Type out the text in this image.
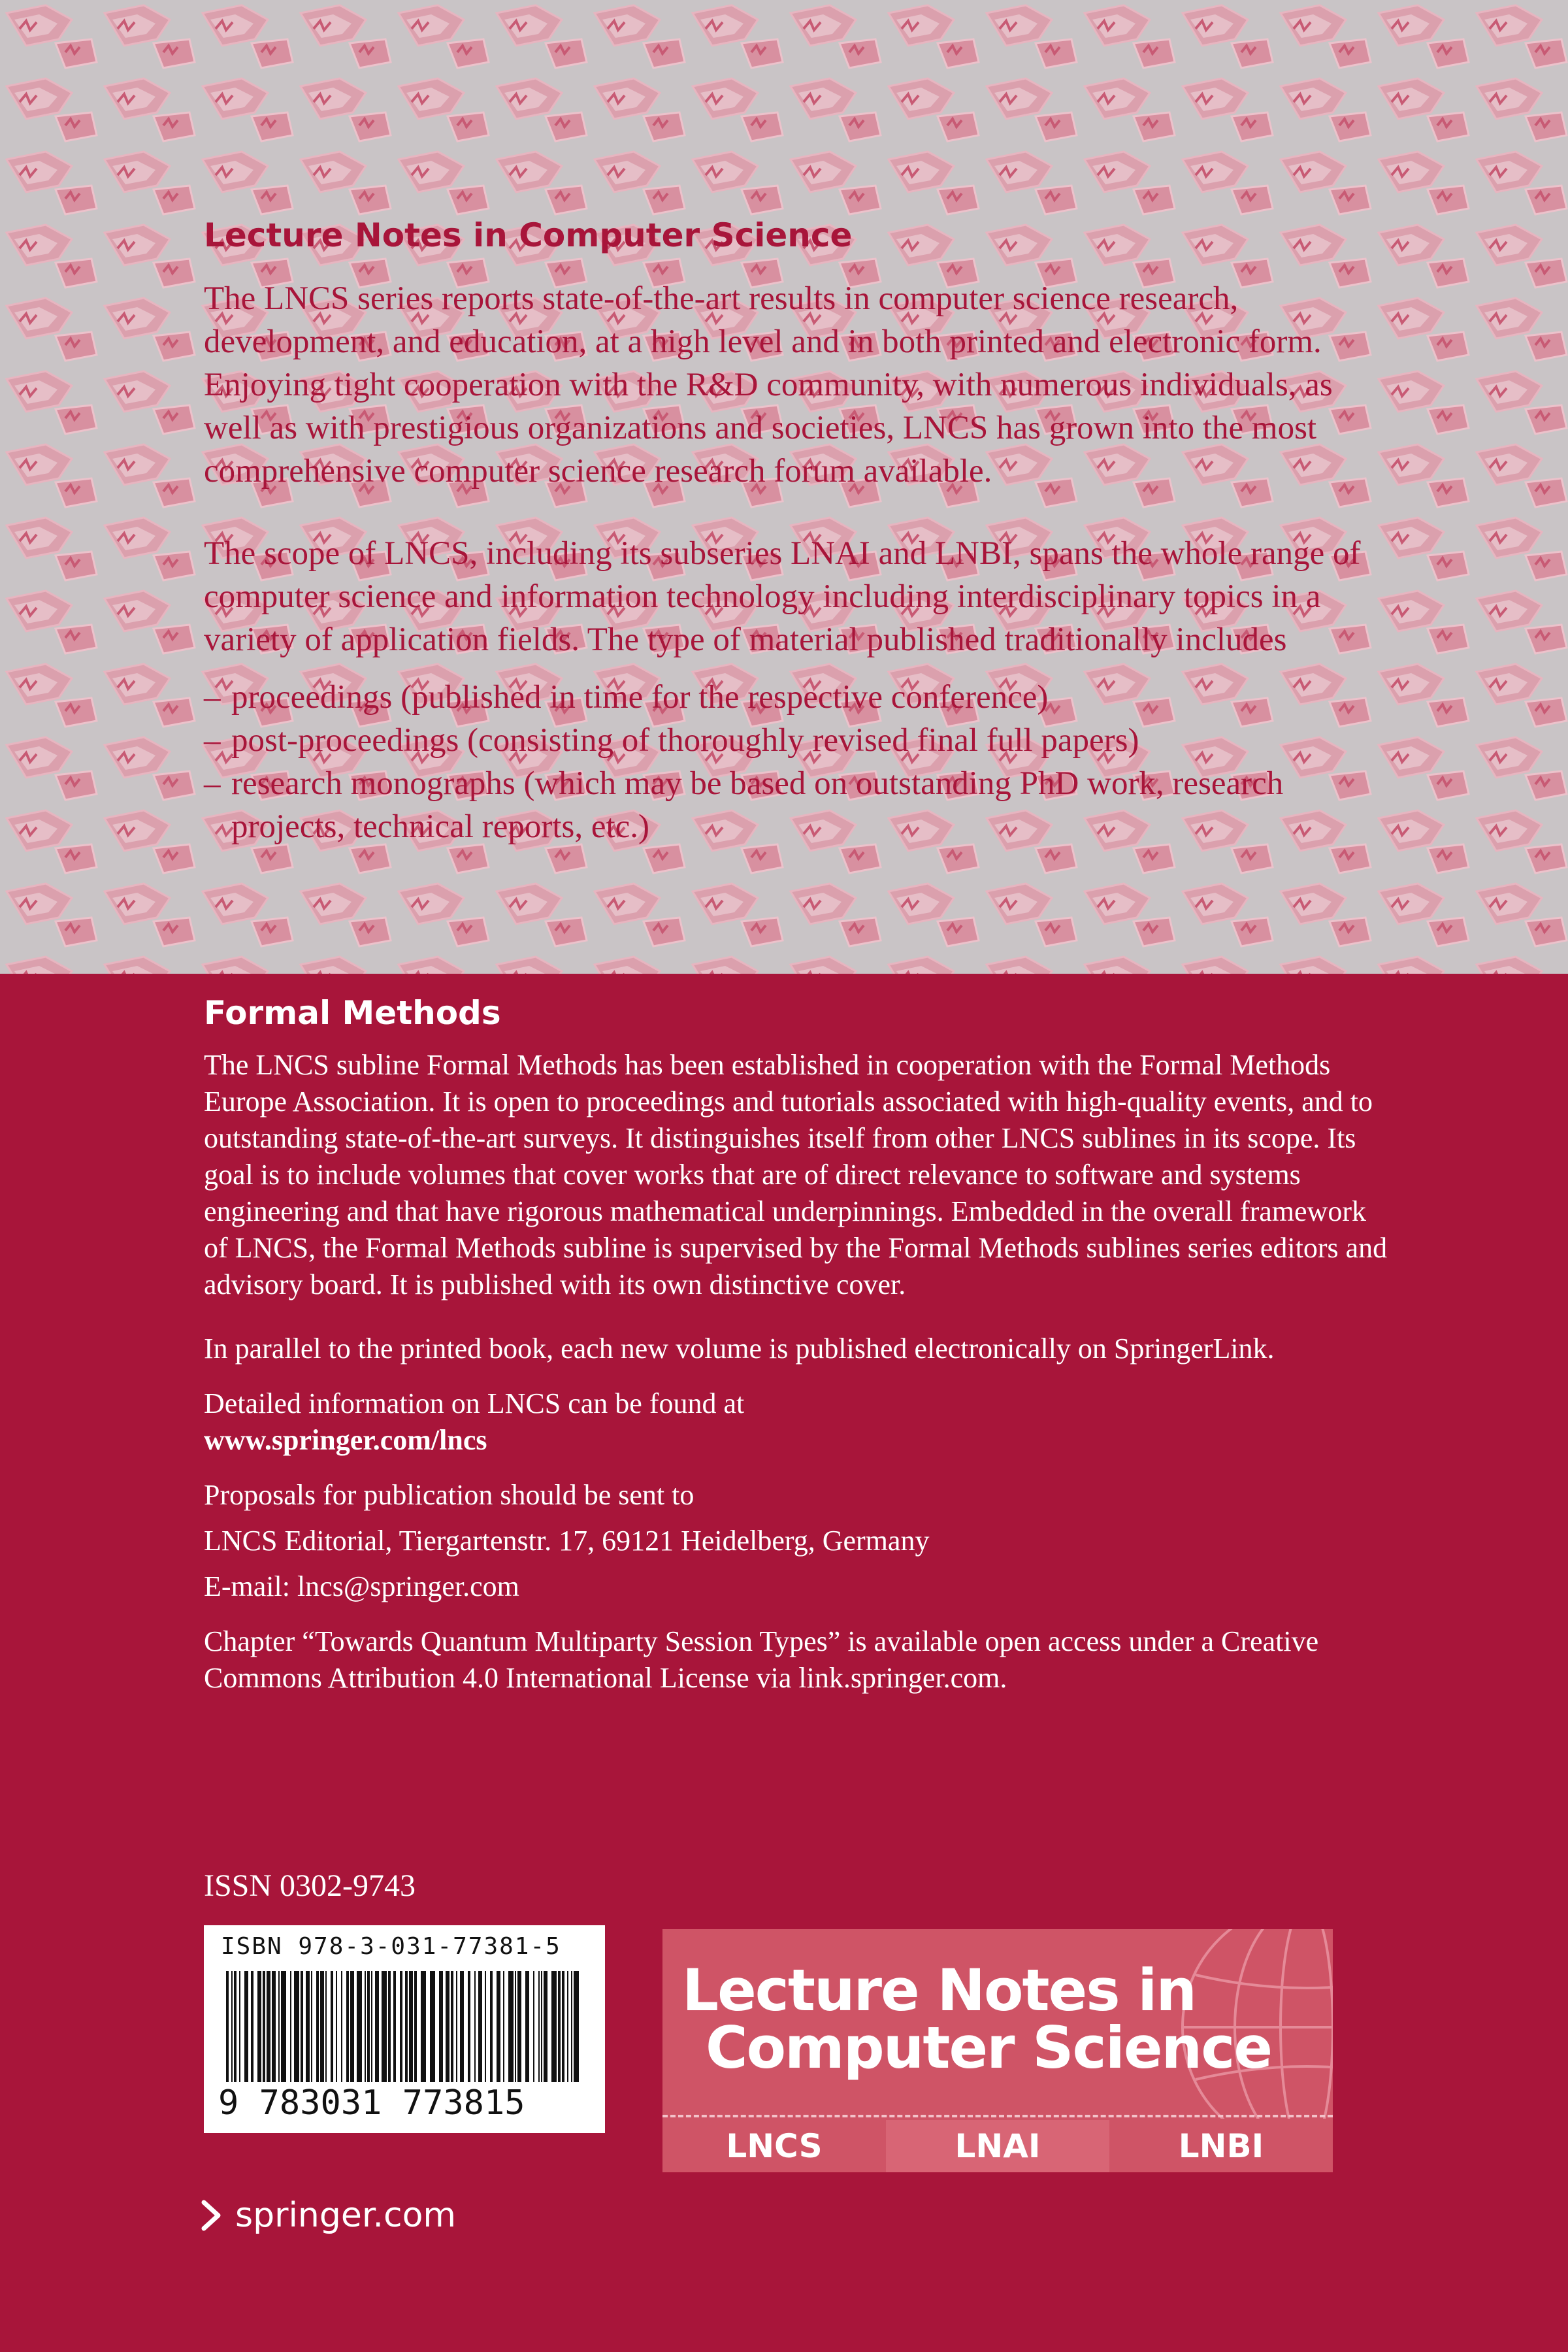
Lecture Notes in Computer Science

The LNCS series reports state-of-the-art results in computer science research, development, and education, at a high level and in both printed and electronic form. Enjoying tight cooperation with the R&D community, with numerous individuals, as well as with prestigious organizations and societies, LNCS has grown into the most comprehensive computer science research forum available.

The scope of LNCS, including its subseries LNAI and LNBI, spans the whole range of computer science and information technology including interdisciplinary topics in a variety of application fields. The type of material published traditionally includes

– proceedings (published in time for the respective conference)
– post-proceedings (consisting of thoroughly revised final full papers)
– research monographs (which may be based on outstanding PhD work, research projects, technical reports, etc.)
Formal Methods

The LNCS subline Formal Methods has been established in cooperation with the Formal Methods Europe Association. It is open to proceedings and tutorials associated with high-quality events, and to outstanding state-of-the-art surveys. It distinguishes itself from other LNCS sublines in its scope. Its goal is to include volumes that cover works that are of direct relevance to software and systems engineering and that have rigorous mathematical underpinnings. Embedded in the overall framework of LNCS, the Formal Methods subline is supervised by the Formal Methods sublines series editors and advisory board. It is published with its own distinctive cover.

In parallel to the printed book, each new volume is published electronically on SpringerLink.

Detailed information on LNCS can be found at

www.springer.com/lncs

Proposals for publication should be sent to

LNCS Editorial, Tiergartenstr. 17, 69121 Heidelberg, Germany

E-mail: lncs@springer.com

Chapter “Towards Quantum Multiparty Session Types” is available open access under a Creative Commons Attribution 4.0 International License via link.springer.com.

ISSN 0302-9743
ISBN 978-3-031-77381-5
9 783031 773815
Lecture Notes in
Computer Science
LNCS	LNAI	LNBI
springer.com
